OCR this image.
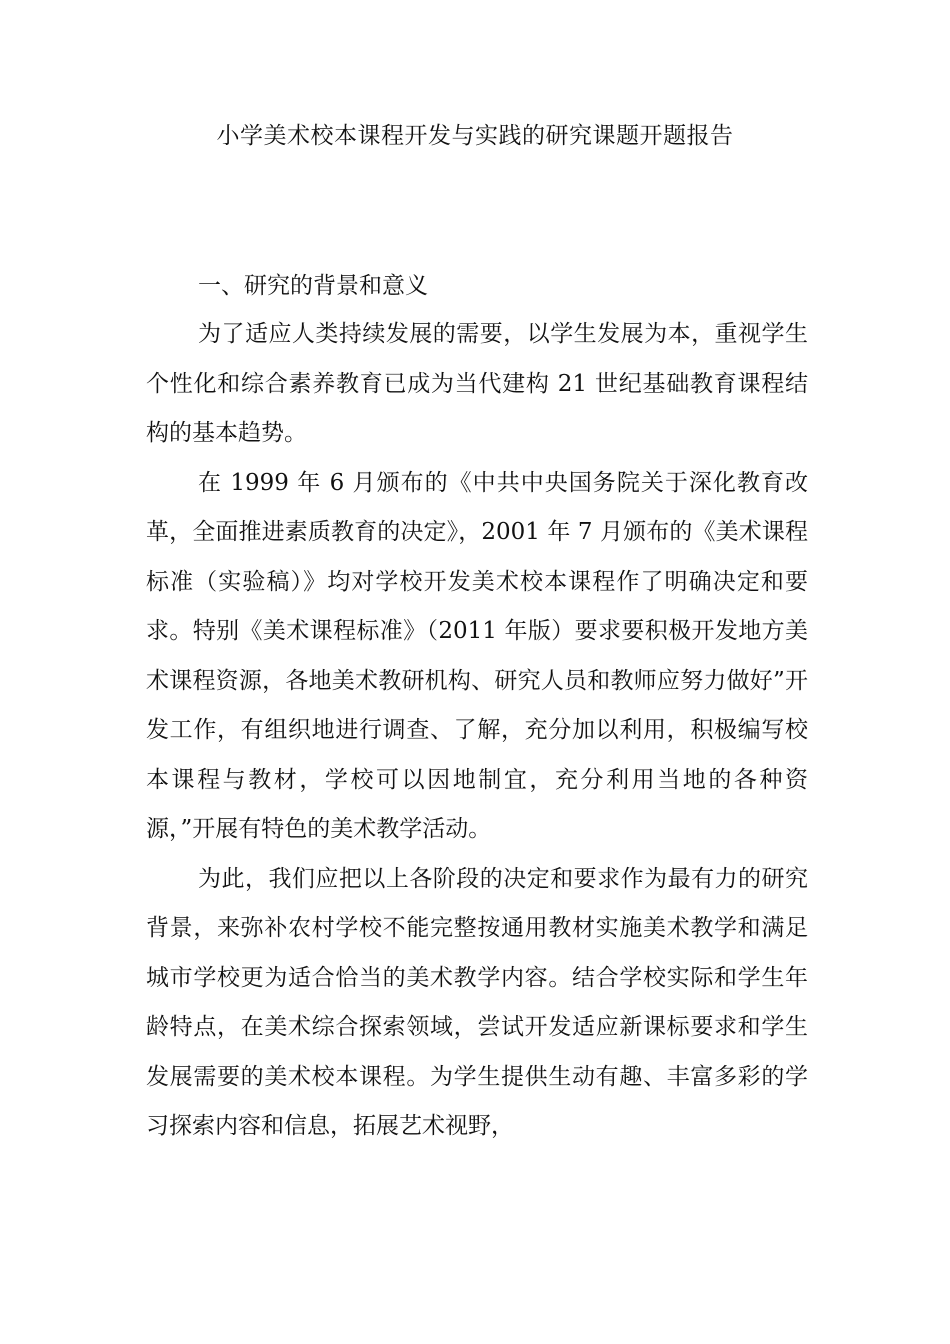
小学美术校本课程开发与实践的研究课题开题报告
一、研究的背景和意义

为了适应人类持续发展的需要，以学生发展为本，重视学生个性化和综合素养教育已成为当代建构 21 世纪基础教育课程结构的基本趋势。

在 1999 年 6 月颁布的《中共中央国务院关于深化教育改革，全面推进素质教育的决定》，2001 年 7 月颁布的《美术课程标准（实验稿）》均对学校开发美术校本课程作了明确决定和要求。特别《美术课程标准》（2011 年版）要求要积极开发地方美术课程资源，各地美术教研机构、研究人员和教师应努力做好”开发工作，有组织地进行调查、了解，充分加以利用，积极编写校本课程与教材，学校可以因地制宜，充分利用当地的各种资源，”开展有特色的美术教学活动。

为此，我们应把以上各阶段的决定和要求作为最有力的研究背景，来弥补农村学校不能完整按通用教材实施美术教学和满足城市学校更为适合恰当的美术教学内容。结合学校实际和学生年龄特点，在美术综合探索领域，尝试开发适应新课标要求和学生发展需要的美术校本课程。为学生提供生动有趣、丰富多彩的学习探索内容和信息，拓展艺术视野，
